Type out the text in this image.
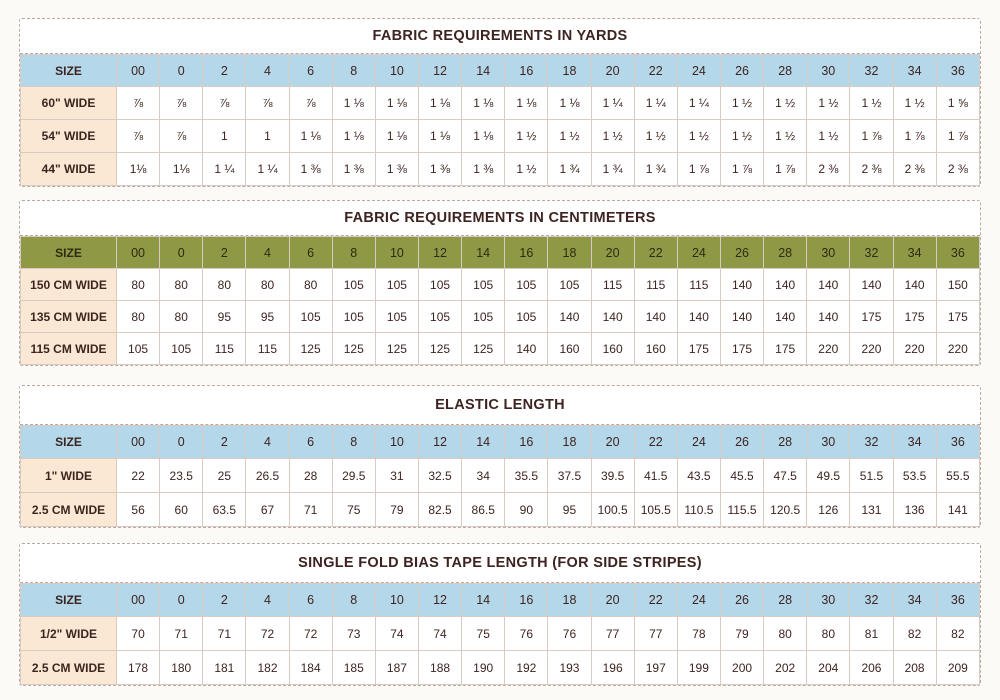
FABRIC REQUIREMENTS IN YARDS
SIZE	00	0	2	4	6	8	10	12	14	16	18	20	22	24	26	28	30	32	34	36
60" WIDE	⅞	⅞	⅞	⅞	⅞	1 ⅛	1 ⅛	1 ⅛	1 ⅛	1 ⅛	1 ⅛	1 ¼	1 ¼	1 ¼	1 ½	1 ½	1 ½	1 ½	1 ½	1 ⅝
54" WIDE	⅞	⅞	1	1	1 ⅛	1 ⅛	1 ⅛	1 ⅛	1 ⅛	1 ½	1 ½	1 ½	1 ½	1 ½	1 ½	1 ½	1 ½	1 ⅞	1 ⅞	1 ⅞
44" WIDE	1⅛	1⅛	1 ¼	1 ¼	1 ⅜	1 ⅜	1 ⅜	1 ⅜	1 ⅜	1 ½	1 ¾	1 ¾	1 ¾	1 ⅞	1 ⅞	1 ⅞	2 ⅜	2 ⅜	2 ⅜	2 ⅜
FABRIC REQUIREMENTS IN CENTIMETERS
SIZE	00	0	2	4	6	8	10	12	14	16	18	20	22	24	26	28	30	32	34	36
150 CM WIDE	80	80	80	80	80	105	105	105	105	105	105	115	115	115	140	140	140	140	140	150
135 CM WIDE	80	80	95	95	105	105	105	105	105	105	140	140	140	140	140	140	140	175	175	175
115 CM WIDE	105	105	115	115	125	125	125	125	125	140	160	160	160	175	175	175	220	220	220	220
ELASTIC LENGTH
SIZE	00	0	2	4	6	8	10	12	14	16	18	20	22	24	26	28	30	32	34	36
1" WIDE	22	23.5	25	26.5	28	29.5	31	32.5	34	35.5	37.5	39.5	41.5	43.5	45.5	47.5	49.5	51.5	53.5	55.5
2.5 CM WIDE	56	60	63.5	67	71	75	79	82.5	86.5	90	95	100.5	105.5	110.5	115.5	120.5	126	131	136	141
SINGLE FOLD BIAS TAPE LENGTH (FOR SIDE STRIPES)
SIZE	00	0	2	4	6	8	10	12	14	16	18	20	22	24	26	28	30	32	34	36
1/2" WIDE	70	71	71	72	72	73	74	74	75	76	76	77	77	78	79	80	80	81	82	82
2.5 CM WIDE	178	180	181	182	184	185	187	188	190	192	193	196	197	199	200	202	204	206	208	209
